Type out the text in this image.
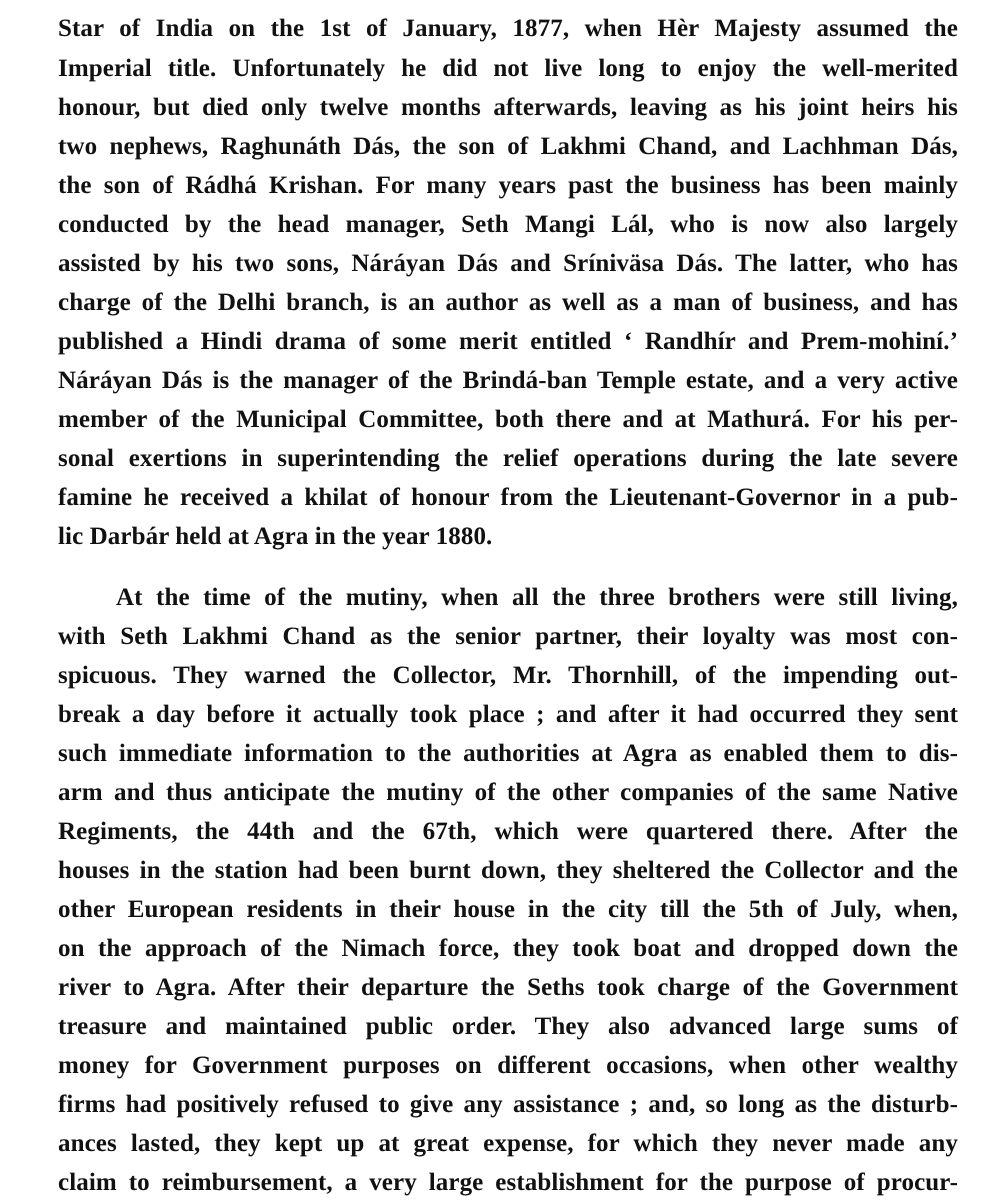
Star of India on the 1st of January, 1877, when Hèr Majesty assumed the
Imperial title. Unfortunately he did not live long to enjoy the well-merited
honour, but died only twelve months afterwards, leaving as his joint heirs his
two nephews, Raghunáth Dás, the son of Lakhmi Chand, and Lachhman Dás,
the son of Rádhá Krishan. For many years past the business has been mainly
conducted by the head manager, Seth Mangi Lál, who is now also largely
assisted by his two sons, Náráyan Dás and Sríniväsa Dás. The latter, who has
charge of the Delhi branch, is an author as well as a man of business, and has
published a Hindi drama of some merit entitled ‘ Randhír and Prem-mohiní.’
Náráyan Dás is the manager of the Brindá-ban Temple estate, and a very active
member of the Municipal Committee, both there and at Mathurá. For his per-
sonal exertions in superintending the relief operations during the late severe
famine he received a khilat of honour from the Lieutenant-Governor in a pub-
lic Darbár held at Agra in the year 1880.
At the time of the mutiny, when all the three brothers were still living,
with Seth Lakhmi Chand as the senior partner, their loyalty was most con-
spicuous. They warned the Collector, Mr. Thornhill, of the impending out-
break a day before it actually took place ; and after it had occurred they sent
such immediate information to the authorities at Agra as enabled them to dis-
arm and thus anticipate the mutiny of the other companies of the same Native
Regiments, the 44th and the 67th, which were quartered there. After the
houses in the station had been burnt down, they sheltered the Collector and the
other European residents in their house in the city till the 5th of July, when,
on the approach of the Nimach force, they took boat and dropped down the
river to Agra. After their departure the Seths took charge of the Government
treasure and maintained public order. They also advanced large sums of
money for Government purposes on different occasions, when other wealthy
firms had positively refused to give any assistance ; and, so long as the disturb-
ances lasted, they kept up at great expense, for which they never made any
claim to reimbursement, a very large establishment for the purpose of procur-
